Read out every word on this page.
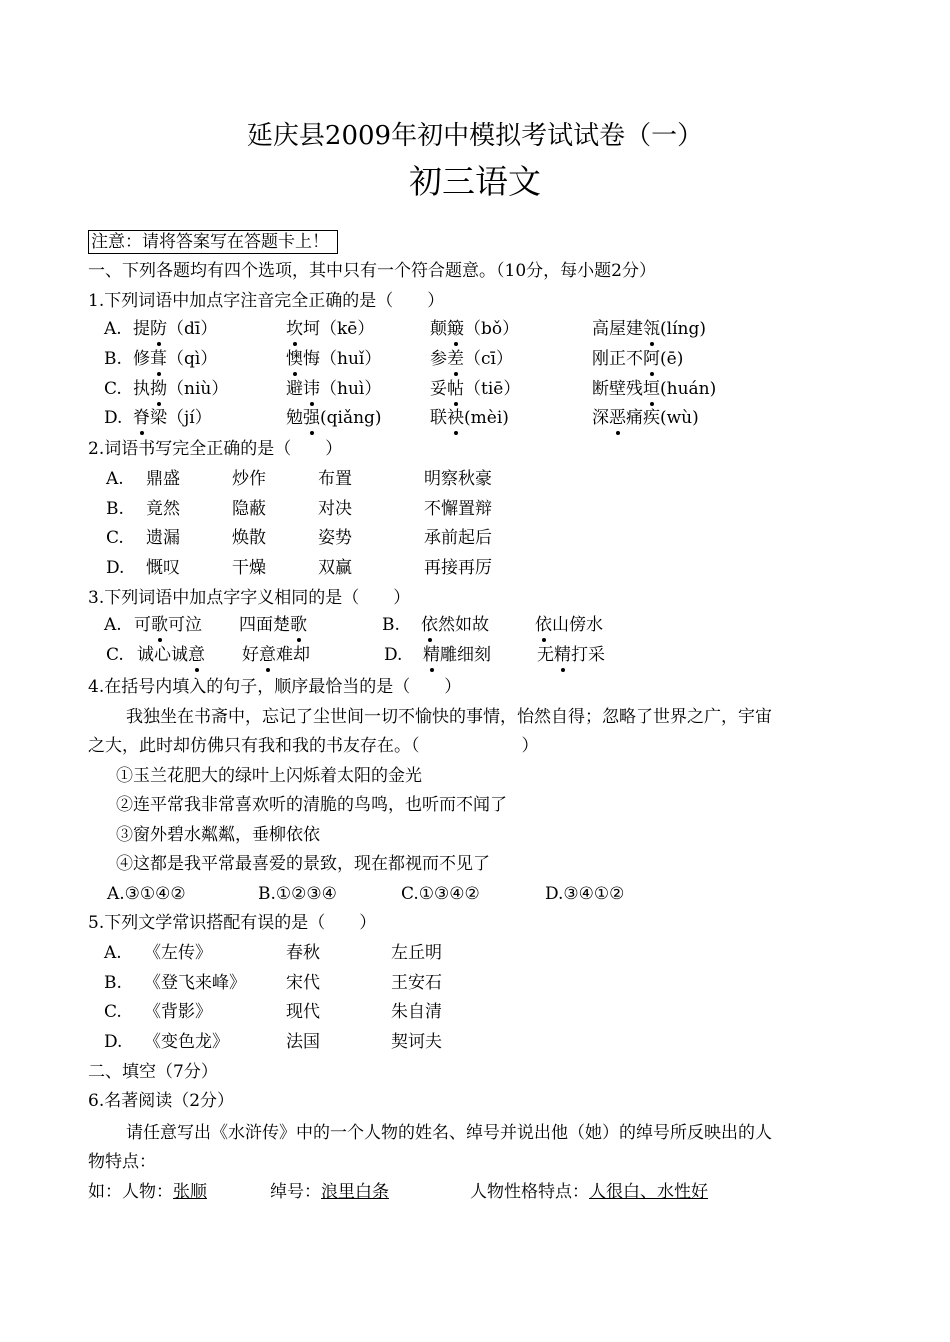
延庆县2009年初中模拟考试试卷（一）
初三语文
注意：请将答案写在答题卡上！
一、下列各题均有四个选项，其中只有一个符合题意。（10分，每小题2分）
1.下列词语中加点字注音完全正确的是（　　）
A. 提防（dī）	坎坷（kē）	颠簸（bǒ）	高屋建瓴(líng)
B. 修葺（qì）	懊悔（huǐ）	参差（cī）	刚正不阿(ē)
C. 执拗（niù）	避讳（huì）	妥帖（tiē）	断壁残垣(huán)
D. 脊梁（jí）	勉强(qiǎng)	联袂(mèi)	深恶痛疾(wù)
2.词语书写完全正确的是（　　）
A. 鼎盛	炒作	布置	明察秋豪
B. 竟然	隐蔽	对决	不懈置辩
C. 遗漏	焕散	姿势	承前起后
D. 慨叹	干燥	双赢	再接再厉
3.下列词语中加点字字义相同的是（　　）
A. 可歌可泣 四面楚歌	B. 依然如故	依山傍水
C. 诚心诚意 好意难却	D. 精雕细刻	无精打采
4.在括号内填入的句子，顺序最恰当的是（　　）
我独坐在书斋中，忘记了尘世间一切不愉快的事情，怡然自得；忽略了世界之广，宇宙
之大，此时却仿佛只有我和我的书友存在。（　　　　　　）
①玉兰花肥大的绿叶上闪烁着太阳的金光
②连平常我非常喜欢听的清脆的鸟鸣，也听而不闻了
③窗外碧水粼粼，垂柳依依
④这都是我平常最喜爱的景致，现在都视而不见了
A.③①④②	B.①②③④	C.①③④②	D.③④①②
5.下列文学常识搭配有误的是（　　）
A. 《左传》	春秋	左丘明
B. 《登飞来峰》 宋代	王安石
C. 《背影》	现代	朱自清
D. 《变色龙》	法国	契诃夫
二、填空（7分）
6.名著阅读（2分）
请任意写出《水浒传》中的一个人物的姓名、绰号并说出他（她）的绰号所反映出的人
物特点：
如：人物：张顺	绰号：浪里白条	人物性格特点：人很白、水性好
